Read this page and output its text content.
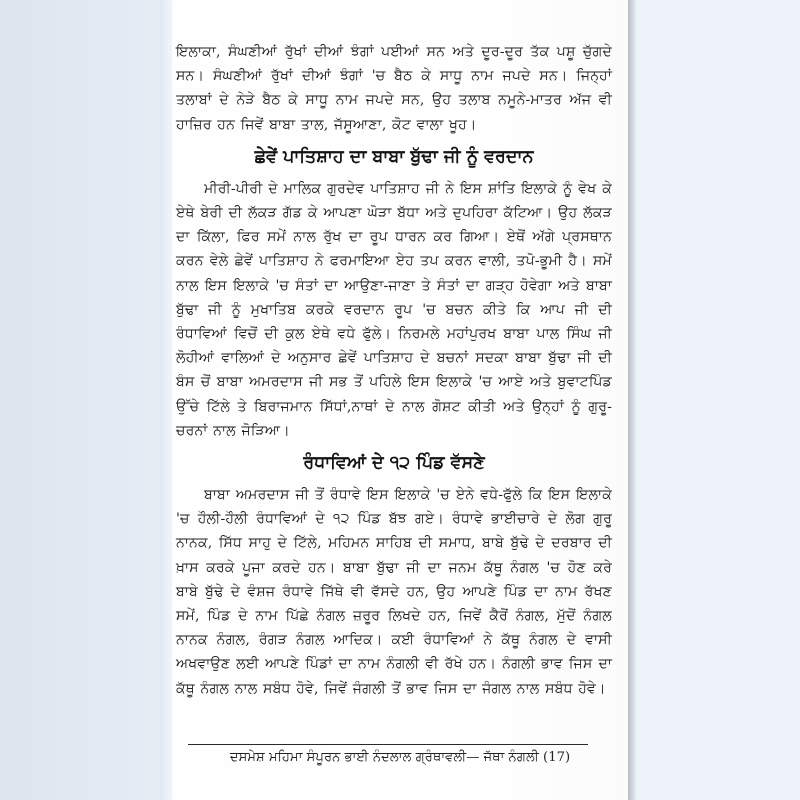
ਇਲਾਕਾ, ਸੰਘਣੀਆਂ ਰੁੱਖਾਂ ਦੀਆਂ ਝੰਗਾਂ ਪਈਆਂ ਸਨ ਅਤੇ ਦੂਰ-ਦੂਰ ਤੱਕ ਪਸ਼ੂ ਚੁੱਗਦੇ ਸਨ। ਸੰਘਣੀਆਂ ਰੁੱਖਾਂ ਦੀਆਂ ਝੰਗਾਂ 'ਚ ਬੈਠ ਕੇ ਸਾਧੂ ਨਾਮ ਜਪਦੇ ਸਨ। ਜਿਨ੍ਹਾਂ ਤਲਾਬਾਂ ਦੇ ਨੇੜੇ ਬੈਠ ਕੇ ਸਾਧੂ ਨਾਮ ਜਪਦੇ ਸਨ, ਉਹ ਤਲਾਬ ਨਮੂਨੇ-ਮਾਤਰ ਅੱਜ ਵੀ ਹਾਜ਼ਿਰ ਹਨ ਜਿਵੇਂ ਬਾਬਾ ਤਾਲ, ਜੱਸੂਆਣਾ, ਕੋਟ ਵਾਲਾ ਖੂਹ।

ਛੇਵੇਂ ਪਾਤਿਸ਼ਾਹ ਦਾ ਬਾਬਾ ਬੁੱਢਾ ਜੀ ਨੂੰ ਵਰਦਾਨ

ਮੀਰੀ-ਪੀਰੀ ਦੇ ਮਾਲਿਕ ਗੁਰਦੇਵ ਪਾਤਿਸ਼ਾਹ ਜੀ ਨੇ ਇਸ ਸ਼ਾਂਤਿ ਇਲਾਕੇ ਨੂੰ ਵੇਖ ਕੇ ਏਥੇ ਬੇਰੀ ਦੀ ਲੱਕੜ ਗੱਡ ਕੇ ਆਪਣਾ ਘੋੜਾ ਬੱਧਾ ਅਤੇ ਦੁਪਹਿਰਾ ਕੱਟਿਆ। ਉਹ ਲੱਕੜ ਦਾ ਕਿੱਲਾ, ਫਿਰ ਸਮੇਂ ਨਾਲ ਰੁੱਖ ਦਾ ਰੂਪ ਧਾਰਨ ਕਰ ਗਿਆ। ਏਥੋਂ ਅੱਗੇ ਪ੍ਰਸਥਾਨ ਕਰਨ ਵੇਲੇ ਛੇਵੇਂ ਪਾਤਿਸ਼ਾਹ ਨੇ ਫਰਮਾਇਆ ਏਹ ਤਪ ਕਰਨ ਵਾਲੀ, ਤਪੋ-ਭੂਮੀ ਹੈ। ਸਮੇਂ ਨਾਲ ਇਸ ਇਲਾਕੇ 'ਚ ਸੰਤਾਂ ਦਾ ਆਉਣਾ-ਜਾਣਾ ਤੇ ਸੰਤਾਂ ਦਾ ਗੜ੍ਹ ਹੋਵੇਗਾ ਅਤੇ ਬਾਬਾ ਬੁੱਢਾ ਜੀ ਨੂੰ ਮੁਖਾਤਿਬ ਕਰਕੇ ਵਰਦਾਨ ਰੂਪ 'ਚ ਬਚਨ ਕੀਤੇ ਕਿ ਆਪ ਜੀ ਦੀ ਰੰਧਾਵਿਆਂ ਵਿਚੋਂ ਦੀ ਕੁਲ ਏਥੇ ਵਧੇ ਫੁੱਲੇ। ਨਿਰਮਲੇ ਮਹਾਂਪੁਰਖ ਬਾਬਾ ਪਾਲ ਸਿੰਘ ਜੀ ਲੋਹੀਆਂ ਵਾਲਿਆਂ ਦੇ ਅਨੁਸਾਰ ਛੇਵੇਂ ਪਾਤਿਸ਼ਾਹ ਦੇ ਬਚਨਾਂ ਸਦਕਾ ਬਾਬਾ ਬੁੱਢਾ ਜੀ ਦੀ ਬੰਸ ਚੋਂ ਬਾਬਾ ਅਮਰਦਾਸ ਜੀ ਸਭ ਤੋਂ ਪਹਿਲੇ ਇਸ ਇਲਾਕੇ 'ਚ ਆਏ ਅਤੇ ਬੁਵਾਟਪਿੰਡ ਉੱਚੇ ਟਿੱਲੇ ਤੇ ਬਿਰਾਜਮਾਨ ਸਿੱਧਾਂ,ਨਾਥਾਂ ਦੇ ਨਾਲ ਗੋਸ਼ਟ ਕੀਤੀ ਅਤੇ ਉਨ੍ਹਾਂ ਨੂੰ ਗੁਰੂ-ਚਰਨਾਂ ਨਾਲ ਜੋੜਿਆ।

ਰੰਧਾਵਿਆਂ ਦੇ ੧੨ ਪਿੰਡ ਵੱਸਣੇ

ਬਾਬਾ ਅਮਰਦਾਸ ਜੀ ਤੋਂ ਰੰਧਾਵੇ ਇਸ ਇਲਾਕੇ 'ਚ ਏਨੇ ਵਧੇ-ਫੁੱਲੇ ਕਿ ਇਸ ਇਲਾਕੇ 'ਚ ਹੌਲੀ-ਹੌਲੀ ਰੰਧਾਵਿਆਂ ਦੇ ੧੨ ਪਿੰਡ ਬੱਝ ਗਏ। ਰੰਧਾਵੇ ਭਾਈਚਾਰੇ ਦੇ ਲੋਗ ਗੁਰੂ ਨਾਨਕ, ਸਿੱਧ ਸਾਹੁ ਦੇ ਟਿੱਲੇ, ਮਹਿਮਨ ਸਾਹਿਬ ਦੀ ਸਮਾਧ, ਬਾਬੇ ਬੁੱਢੇ ਦੇ ਦਰਬਾਰ ਦੀ ਖ਼ਾਸ ਕਰਕੇ ਪੂਜਾ ਕਰਦੇ ਹਨ। ਬਾਬਾ ਬੁੱਢਾ ਜੀ ਦਾ ਜਨਮ ਕੱਥੂ ਨੰਗਲ 'ਚ ਹੋਣ ਕਰੇ ਬਾਬੇ ਬੁੱਢੇ ਦੇ ਵੰਸ਼ਜ ਰੰਧਾਵੇ ਜਿੱਥੇ ਵੀ ਵੱਸਦੇ ਹਨ, ਉਹ ਆਪਣੇ ਪਿੰਡ ਦਾ ਨਾਮ ਰੱਖਣ ਸਮੇਂ, ਪਿੰਡ ਦੇ ਨਾਮ ਪਿੱਛੇ ਨੰਗਲ ਜ਼ਰੂਰ ਲਿਖਦੇ ਹਨ, ਜਿਵੇਂ ਕੈਰੋਂ ਨੰਗਲ, ਮੁੱਦੋਂ ਨੰਗਲ ਨਾਨਕ ਨੰਗਲ, ਰੰਗੜ ਨੰਗਲ ਆਦਿਕ। ਕਈ ਰੰਧਾਵਿਆਂ ਨੇ ਕੱਥੂ ਨੰਗਲ ਦੇ ਵਾਸੀ ਅਖਵਾਉਣ ਲਈ ਆਪਣੇ ਪਿੰਡਾਂ ਦਾ ਨਾਮ ਨੰਗਲੀ ਵੀ ਰੱਖੇ ਹਨ। ਨੰਗਲੀ ਭਾਵ ਜਿਸ ਦਾ ਕੱਥੂ ਨੰਗਲ ਨਾਲ ਸਬੰਧ ਹੋਵੇ, ਜਿਵੇਂ ਜੰਗਲੀ ਤੋਂ ਭਾਵ ਜਿਸ ਦਾ ਜੰਗਲ ਨਾਲ ਸਬੰਧ ਹੋਵੇ।

ਦਸਮੇਸ਼ ਮਹਿਮਾ ਸੰਪੂਰਨ ਭਾਈ ਨੰਦਲਾਲ ਗ੍ਰੰਥਾਵਲੀ— ਜੱਥਾ ਨੰਗਲੀ (17)
